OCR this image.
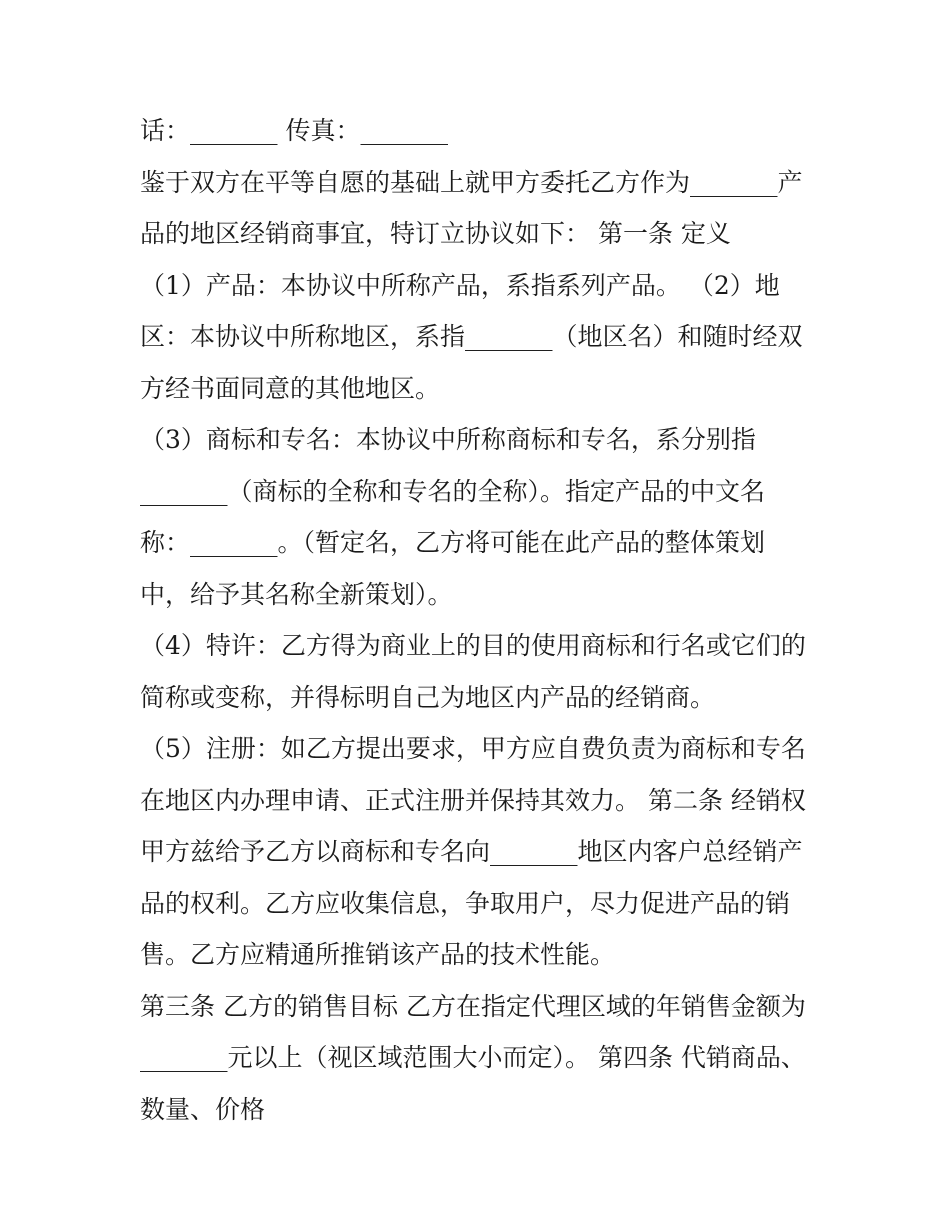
话：_______ 传真：_______
鉴于双方在平等自愿的基础上就甲方委托乙方作为_______产
品的地区经销商事宜，特订立协议如下： 第一条 定义
（1）产品：本协议中所称产品，系指系列产品。 （2）地
区：本协议中所称地区，系指_______（地区名）和随时经双
方经书面同意的其他地区。
（3）商标和专名：本协议中所称商标和专名，系分别指
_______（商标的全称和专名的全称）。指定产品的中文名
称：_______。（暂定名，乙方将可能在此产品的整体策划
中，给予其名称全新策划）。
（4）特许：乙方得为商业上的目的使用商标和行名或它们的
简称或变称，并得标明自己为地区内产品的经销商。
（5）注册：如乙方提出要求，甲方应自费负责为商标和专名
在地区内办理申请、正式注册并保持其效力。 第二条 经销权
甲方兹给予乙方以商标和专名向_______地区内客户总经销产
品的权利。乙方应收集信息，争取用户，尽力促进产品的销
售。乙方应精通所推销该产品的技术性能。
第三条 乙方的销售目标 乙方在指定代理区域的年销售金额为
_______元以上（视区域范围大小而定）。 第四条 代销商品、
数量、价格
